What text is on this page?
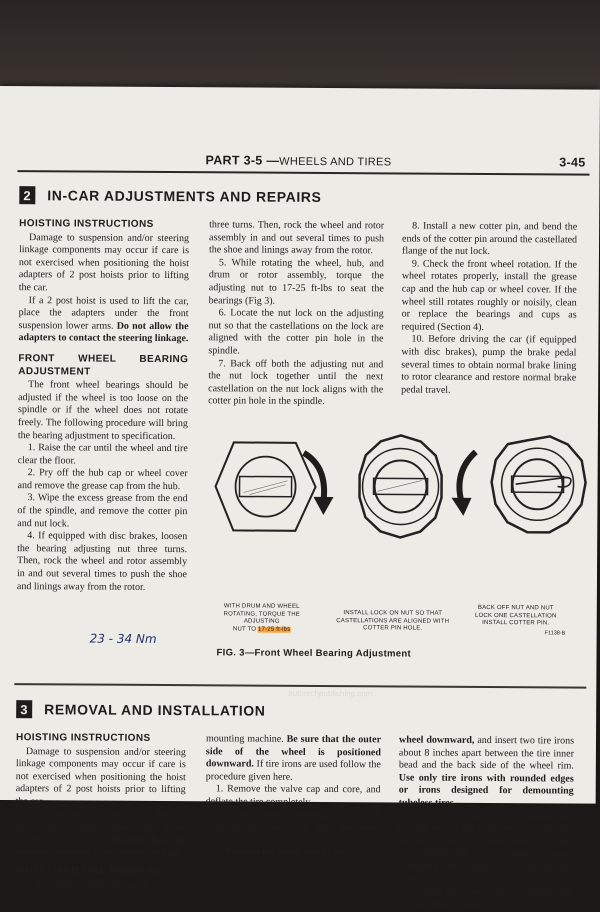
PART 3-5 —WHEELS AND TIRES	3-45
2 IN-CAR ADJUSTMENTS AND REPAIRS
HOISTING INSTRUCTIONS

Damage to suspension and/or steering linkage components may occur if care is not exercised when positioning the hoist adapters of 2 post hoists prior to lifting the car.

If a 2 post hoist is used to lift the car, place the adapters under the front suspension lower arms. Do not allow the adapters to contact the steering linkage.

FRONT WHEEL BEARING ADJUSTMENT

The front wheel bearings should be adjusted if the wheel is too loose on the spindle or if the wheel does not rotate freely. The following procedure will bring the bearing adjustment to specification.

1. Raise the car until the wheel and tire clear the floor.

2. Pry off the hub cap or wheel cover and remove the grease cap from the hub.

3. Wipe the excess grease from the end of the spindle, and remove the cotter pin and nut lock.

4. If equipped with disc brakes, loosen the bearing adjusting nut three turns. Then, rock the wheel and rotor assembly in and out several times to push the shoe and linings away from the rotor.

three turns. Then, rock the wheel and rotor assembly in and out several times to push the shoe and linings away from the rotor.

5. While rotating the wheel, hub, and drum or rotor assembly, torque the adjusting nut to 17-25 ft-lbs to seat the bearings (Fig 3).

6. Locate the nut lock on the adjusting nut so that the castellations on the lock are aligned with the cotter pin hole in the spindle.

7. Back off both the adjusting nut and the nut lock together until the next castellation on the nut lock aligns with the cotter pin hole in the spindle.

8. Install a new cotter pin, and bend the ends of the cotter pin around the castellated flange of the nut lock.

9. Check the front wheel rotation. If the wheel rotates properly, install the grease cap and the hub cap or wheel cover. If the wheel still rotates roughly or noisily, clean or replace the bearings and cups as required (Section 4).

10. Before driving the car (if equipped with disc brakes), pump the brake pedal several times to obtain normal brake lining to rotor clearance and restore normal brake pedal travel.

WITH DRUM AND WHEEL ROTATING, TORQUE THE ADJUSTING
NUT TO 17-25 ft-lbs
23 - 34 Nm
INSTALL LOCK ON NUT SO THAT CASTELLATIONS ARE ALIGNED WITH COTTER PIN HOLE.
BACK OFF NUT AND NUT LOCK ONE CASTELLATION INSTALL COTTER PIN.
F1138-B
FIG. 3—Front Wheel Bearing Adjustment
autotechpublishing.com
3 REMOVAL AND INSTALLATION
HOISTING INSTRUCTIONS

Damage to suspension and/or steering linkage components may occur if care is not exercised when positioning the hoist adapters of 2 post hoists prior to lifting the car.

If a 2 post hoist is used to lift the car, place the adapters under the front suspension lower arms. Do not allow the adapters to contact the steering linkage.

WHEEL AND TIRE REMOVAL

1. Pry off the wheel hub cap or

mounting machine. Be sure that the outer side of the wheel is positioned downward. If tire irons are used follow the procedure given here.

1. Remove the valve cap and core, and deflate the tire completely.

2. With a bead loosening tool, break loose the tire side walls from the wheel (Fig. 4).

3. Position the outer side of the

wheel downward, and insert two tire irons about 8 inches apart between the tire inner bead and the back side of the wheel rim. Use only tire irons with rounded edges or irons designed for demounting tubeless tires.

4. Leave one tire iron in position, and pry the rest of the bead over the rim with the other iron. Take small "bites" with the iron around the tire in order to avoid damaging the sealing surface of the tire bead.

5. Stand the wheel and tire upright with the tire outer bead in the
